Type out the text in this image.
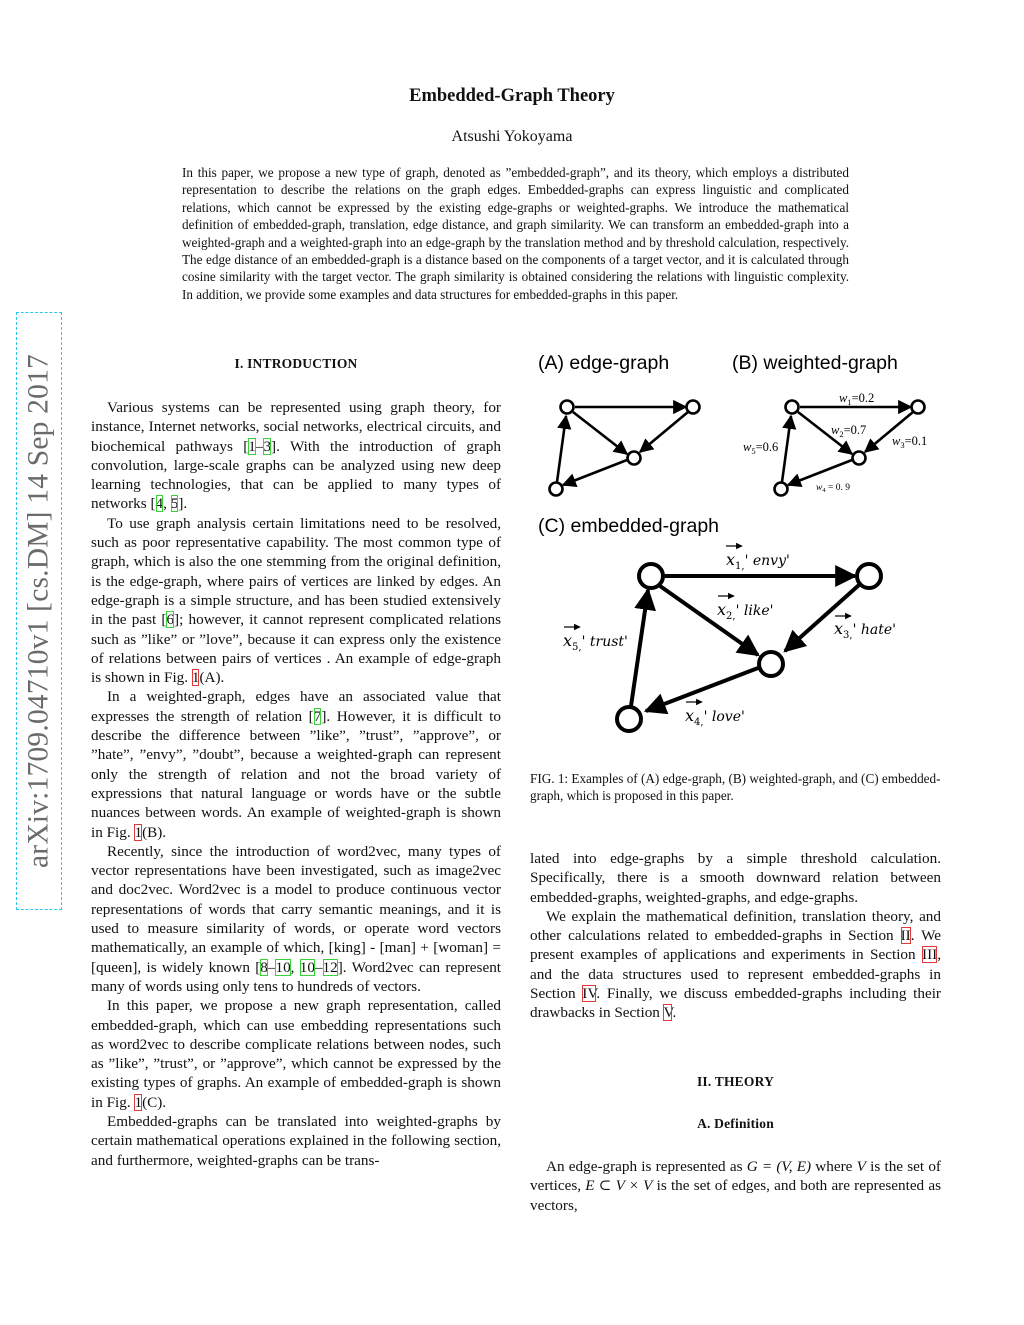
Embedded-Graph Theory
Atsushi Yokoyama
In this paper, we propose a new type of graph, denoted as ”embedded-graph”, and its theory, which employs a distributed representation to describe the relations on the graph edges. Embedded-graphs can express linguistic and complicated relations, which cannot be expressed by the existing edge-graphs or weighted-graphs. We introduce the mathematical definition of embedded-graph, translation, edge distance, and graph similarity. We can transform an embedded-graph into a weighted-graph and a weighted-graph into an edge-graph by the translation method and by threshold calculation, respectively. The edge distance of an embedded-graph is a distance based on the components of a target vector, and it is calculated through cosine similarity with the target vector. The graph similarity is obtained considering the relations with linguistic complexity. In addition, we provide some examples and data structures for embedded-graphs in this paper.
arXiv:1709.04710v1 [cs.DM] 14 Sep 2017	I. INTRODUCTION

Various systems can be represented using graph theory, for instance, Internet networks, social networks, electrical circuits, and biochemical pathways [1–3]. With the introduction of graph convolution, large-scale graphs can be analyzed using new deep learning technologies, that can be applied to many types of networks [4, 5].

To use graph analysis certain limitations need to be resolved, such as poor representative capability. The most common type of graph, which is also the one stemming from the original definition, is the edge-graph, where pairs of vertices are linked by edges. An edge-graph is a simple structure, and has been studied extensively in the past [6]; however, it cannot represent complicated relations such as ”like” or ”love”, because it can express only the existence of relations between pairs of vertices . An example of edge-graph is shown in Fig. 1(A).

In a weighted-graph, edges have an associated value that expresses the strength of relation [7]. However, it is difficult to describe the difference between ”like”, ”trust”, ”approve”, or ”hate”, ”envy”, ”doubt”, because a weighted-graph can represent only the strength of relation and not the broad variety of expressions that natural language or words have or the subtle nuances between words. An example of weighted-graph is shown in Fig. 1(B).

Recently, since the introduction of word2vec, many types of vector representations have been investigated, such as image2vec and doc2vec. Word2vec is a model to produce continuous vector representations of words that carry semantic meanings, and it is used to measure similarity of words, or operate word vectors mathematically, an example of which, [king] - [man] + [woman] = [queen], is widely known [8–10, 10–12]. Word2vec can represent many of words using only tens to hundreds of vectors.

In this paper, we propose a new graph representation, called embedded-graph, which can use embedding representations such as word2vec to describe complicate relations between nodes, such as ”like”, ”trust”, or ”approve”, which cannot be expressed by the existing types of graphs. An example of embedded-graph is shown in Fig. 1(C).

Embedded-graphs can be translated into weighted-graphs by certain mathematical operations explained in the following section, and furthermore, weighted-graphs can be trans-

(A) edge-graph	(B) weighted-graph
(C) embedded-graph
$w_1=0.2$
$w_2=0.7$
$w_3=0.1$
$w_4 = 0$. 9
$w_5=0.6$
$x_{1,}'$ envy'
$x_{2,}'$ like'
$x_{3,}'$ hate'
$x_{4,}'$ love'
$x_{5,}'$ trust'
FIG. 1: Examples of (A) edge-graph, (B) weighted-graph, and (C) embedded-graph, which is proposed in this paper.

lated into edge-graphs by a simple threshold calculation. Specifically, there is a smooth downward relation between embedded-graphs, weighted-graphs, and edge-graphs.

We explain the mathematical definition, translation theory, and other calculations related to embedded-graphs in Section II. We present examples of applications and experiments in Section III, and the data structures used to represent embedded-graphs in Section IV. Finally, we discuss embedded-graphs including their drawbacks in Section V.

II. THEORY
A. Definition

An edge-graph is represented as G = (V, E) where V is the set of vertices, E ⊂ V × V is the set of edges, and both are represented as vectors,
